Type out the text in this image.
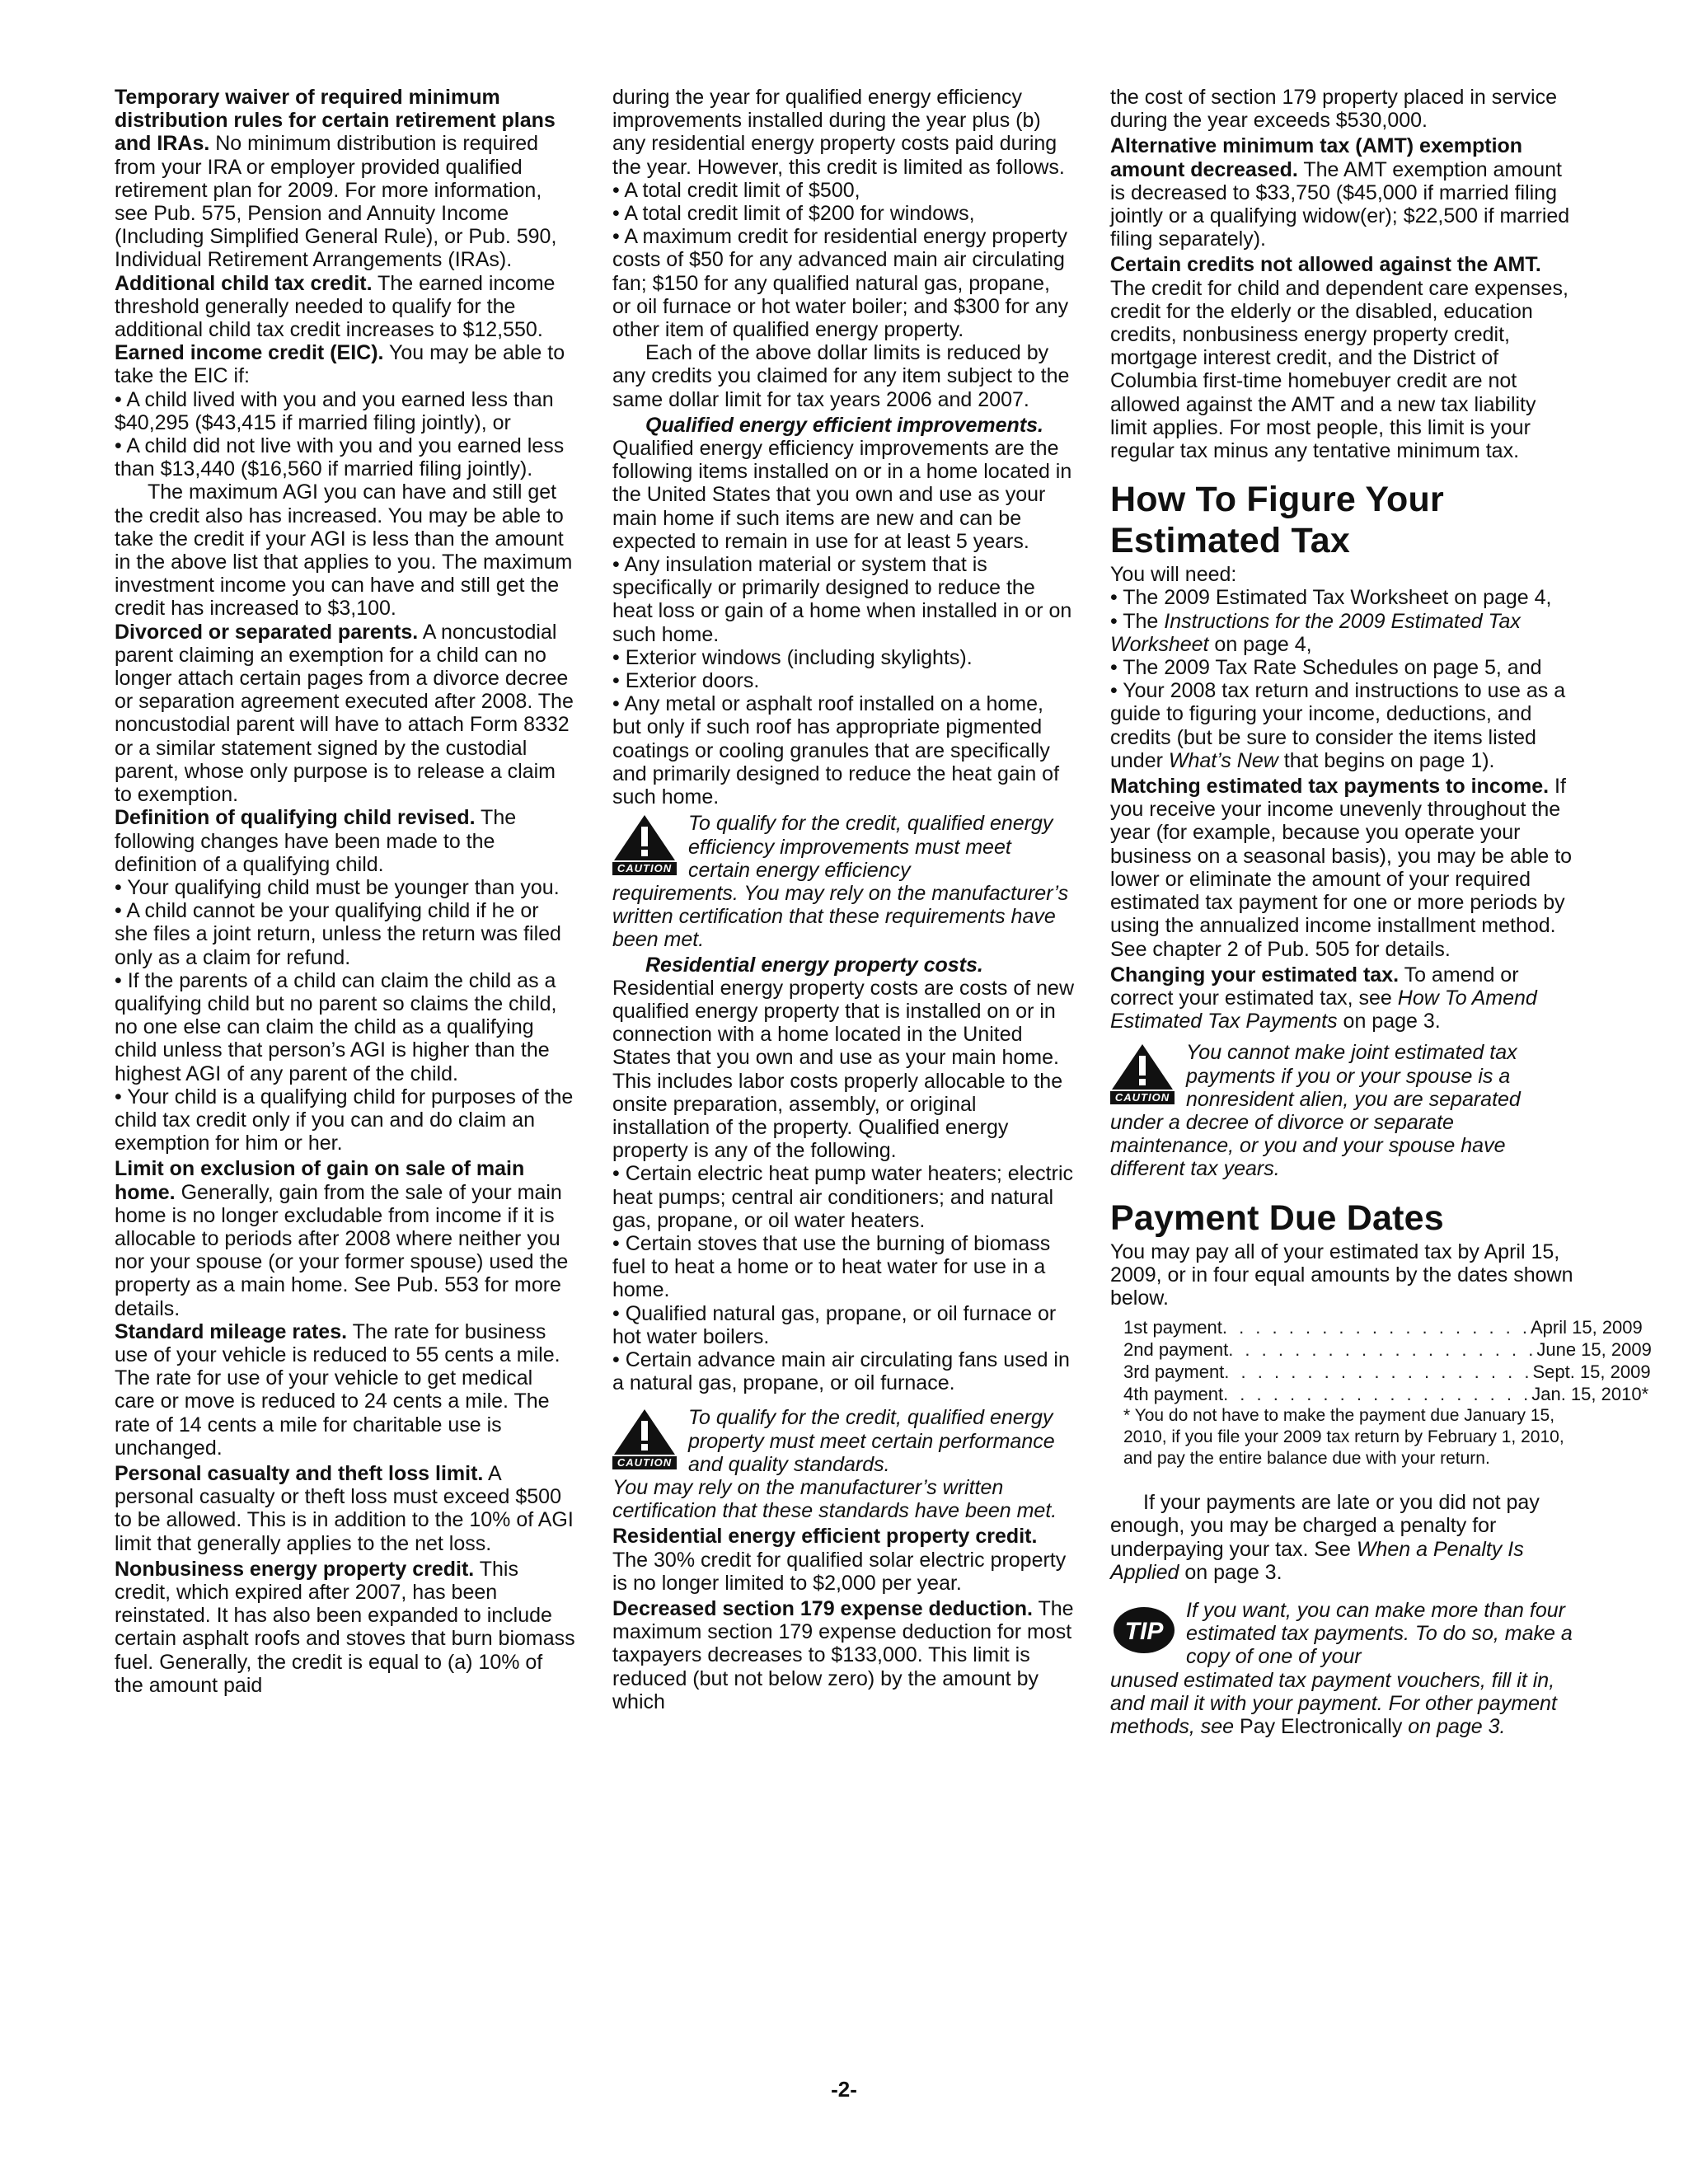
Temporary waiver of required minimum distribution rules for certain retirement plans and IRAs. No minimum distribution is required from your IRA or employer provided qualified retirement plan for 2009. For more information, see Pub. 575, Pension and Annuity Income (Including Simplified General Rule), or Pub. 590, Individual Retirement Arrangements (IRAs).

Additional child tax credit. The earned income threshold generally needed to qualify for the additional child tax credit increases to $12,550.

Earned income credit (EIC). You may be able to take the EIC if:

• A child lived with you and you earned less than $40,295 ($43,415 if married filing jointly), or

• A child did not live with you and you earned less than $13,440 ($16,560 if married filing jointly).

The maximum AGI you can have and still get the credit also has increased. You may be able to take the credit if your AGI is less than the amount in the above list that applies to you. The maximum investment income you can have and still get the credit has increased to $3,100.

Divorced or separated parents. A noncustodial parent claiming an exemption for a child can no longer attach certain pages from a divorce decree or separation agreement executed after 2008. The noncustodial parent will have to attach Form 8332 or a similar statement signed by the custodial parent, whose only purpose is to release a claim to exemption.

Definition of qualifying child revised. The following changes have been made to the definition of a qualifying child.

• Your qualifying child must be younger than you.

• A child cannot be your qualifying child if he or she files a joint return, unless the return was filed only as a claim for refund.

• If the parents of a child can claim the child as a qualifying child but no parent so claims the child, no one else can claim the child as a qualifying child unless that person’s AGI is higher than the highest AGI of any parent of the child.

• Your child is a qualifying child for purposes of the child tax credit only if you can and do claim an exemption for him or her.

Limit on exclusion of gain on sale of main home. Generally, gain from the sale of your main home is no longer excludable from income if it is allocable to periods after 2008 where neither you nor your spouse (or your former spouse) used the property as a main home. See Pub. 553 for more details.

Standard mileage rates. The rate for business use of your vehicle is reduced to 55 cents a mile. The rate for use of your vehicle to get medical care or move is reduced to 24 cents a mile. The rate of 14 cents a mile for charitable use is unchanged.

Personal casualty and theft loss limit. A personal casualty or theft loss must exceed $500 to be allowed. This is in addition to the 10% of AGI limit that generally applies to the net loss.

Nonbusiness energy property credit. This credit, which expired after 2007, has been reinstated. It has also been expanded to include certain asphalt roofs and stoves that burn biomass fuel. Generally, the credit is equal to (a) 10% of the amount paid

during the year for qualified energy efficiency improvements installed during the year plus (b) any residential energy property costs paid during the year. However, this credit is limited as follows.

• A total credit limit of $500,

• A total credit limit of $200 for windows,

• A maximum credit for residential energy property costs of $50 for any advanced main air circulating fan; $150 for any qualified natural gas, propane, or oil furnace or hot water boiler; and $300 for any other item of qualified energy property.

Each of the above dollar limits is reduced by any credits you claimed for any item subject to the same dollar limit for tax years 2006 and 2007.

Qualified energy efficient improvements. Qualified energy efficiency improvements are the following items installed on or in a home located in the United States that you own and use as your main home if such items are new and can be expected to remain in use for at least 5 years.

• Any insulation material or system that is specifically or primarily designed to reduce the heat loss or gain of a home when installed in or on such home.

• Exterior windows (including skylights).

• Exterior doors.

• Any metal or asphalt roof installed on a home, but only if such roof has appropriate pigmented coatings or cooling granules that are specifically and primarily designed to reduce the heat gain of such home.

CAUTION

To qualify for the credit, qualified energy efficiency improvements must meet certain energy efficiency

requirements. You may rely on the manufacturer’s written certification that these requirements have been met.

Residential energy property costs. Residential energy property costs are costs of new qualified energy property that is installed on or in connection with a home located in the United States that you own and use as your main home. This includes labor costs properly allocable to the onsite preparation, assembly, or original installation of the property. Qualified energy property is any of the following.

• Certain electric heat pump water heaters; electric heat pumps; central air conditioners; and natural gas, propane, or oil water heaters.

• Certain stoves that use the burning of biomass fuel to heat a home or to heat water for use in a home.

• Qualified natural gas, propane, or oil furnace or hot water boilers.

• Certain advance main air circulating fans used in a natural gas, propane, or oil furnace.

CAUTION

To qualify for the credit, qualified energy property must meet certain performance and quality standards.

You may rely on the manufacturer’s written certification that these standards have been met.

Residential energy efficient property credit. The 30% credit for qualified solar electric property is no longer limited to $2,000 per year.

Decreased section 179 expense deduction. The maximum section 179 expense deduction for most taxpayers decreases to $133,000. This limit is reduced (but not below zero) by the amount by which

the cost of section 179 property placed in service during the year exceeds $530,000.

Alternative minimum tax (AMT) exemption amount decreased. The AMT exemption amount is decreased to $33,750 ($45,000 if married filing jointly or a qualifying widow(er); $22,500 if married filing separately).

Certain credits not allowed against the AMT. The credit for child and dependent care expenses, credit for the elderly or the disabled, education credits, nonbusiness energy property credit, mortgage interest credit, and the District of Columbia first-time homebuyer credit are not allowed against the AMT and a new tax liability limit applies. For most people, this limit is your regular tax minus any tentative minimum tax.

How To Figure Your Estimated Tax

You will need:

• The 2009 Estimated Tax Worksheet on page 4,

• The Instructions for the 2009 Estimated Tax Worksheet on page 4,

• The 2009 Tax Rate Schedules on page 5, and

• Your 2008 tax return and instructions to use as a guide to figuring your income, deductions, and credits (but be sure to consider the items listed under What’s New that begins on page 1).

Matching estimated tax payments to income. If you receive your income unevenly throughout the year (for example, because you operate your business on a seasonal basis), you may be able to lower or eliminate the amount of your required estimated tax payment for one or more periods by using the annualized income installment method. See chapter 2 of Pub. 505 for details.

Changing your estimated tax. To amend or correct your estimated tax, see How To Amend Estimated Tax Payments on page 3.

CAUTION

You cannot make joint estimated tax payments if you or your spouse is a nonresident alien, you are separated

under a decree of divorce or separate maintenance, or you and your spouse have different tax years.

Payment Due Dates

You may pay all of your estimated tax by April 15, 2009, or in four equal amounts by the dates shown below.

1st payment . . . . . . . . . . . . . . . . . . . April 15, 2009
2nd payment . . . . . . . . . . . . . . . . . . . June 15, 2009
3rd payment . . . . . . . . . . . . . . . . . . . Sept. 15, 2009
4th payment . . . . . . . . . . . . . . . . . . . Jan. 15, 2010*

* You do not have to make the payment due January 15, 2010, if you file your 2009 tax return by February 1, 2010, and pay the entire balance due with your return.

If your payments are late or you did not pay enough, you may be charged a penalty for underpaying your tax. See When a Penalty Is Applied on page 3.

TIP

If you want, you can make more than four estimated tax payments. To do so, make a copy of one of your

unused estimated tax payment vouchers, fill it in, and mail it with your payment. For other payment methods, see Pay Electronically on page 3.

-2-
